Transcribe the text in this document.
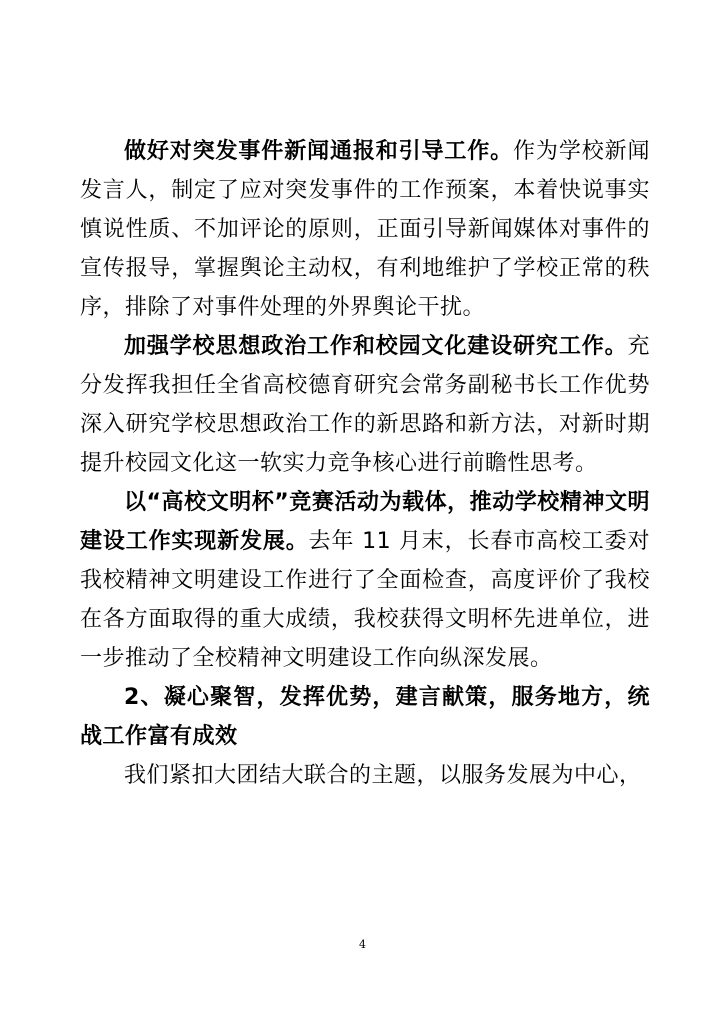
做好对突发事件新闻通报和引导工作。作为学校新闻发言人，制定了应对突发事件的工作预案，本着快说事实慎说性质、不加评论的原则，正面引导新闻媒体对事件的宣传报导，掌握舆论主动权，有利地维护了学校正常的秩序，排除了对事件处理的外界舆论干扰。

加强学校思想政治工作和校园文化建设研究工作。充分发挥我担任全省高校德育研究会常务副秘书长工作优势深入研究学校思想政治工作的新思路和新方法，对新时期提升校园文化这一软实力竞争核心进行前瞻性思考。

以“高校文明杯”竞赛活动为载体，推动学校精神文明建设工作实现新发展。去年 11 月末，长春市高校工委对我校精神文明建设工作进行了全面检查，高度评价了我校在各方面取得的重大成绩，我校获得文明杯先进单位，进一步推动了全校精神文明建设工作向纵深发展。

2、凝心聚智，发挥优势，建言献策，服务地方，统战工作富有成效

我们紧扣大团结大联合的主题，以服务发展为中心，

4
